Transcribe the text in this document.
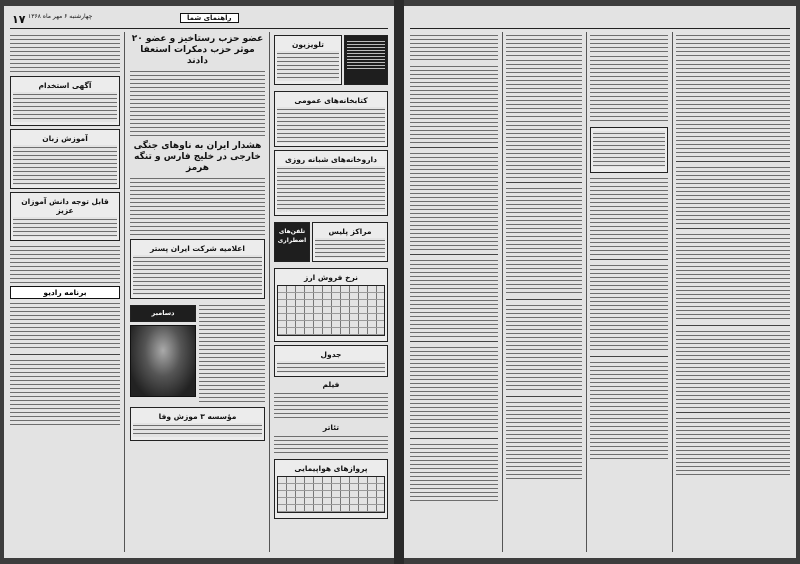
۱۷ چهارشنبه ۶ مهر ماه ۱۳۶۸	راهنمای شما
آگهی استخدام
آموزش زبان
قابل توجه دانش آموزان عزیز
برنامه رادیو
۲۰ عضو حزب رستاخیز و عضو موثر حزب دمکرات استعفا دادند
هشدار ایران به ناوهای جنگی خارجی در خلیج فارس و تنگه هرمز
اعلامیه شرکت ایران پستر
دسامبر
مؤسسه ۳ موزش وفا
تلویزیون
کتابخانه‌های عمومی
داروخانه‌های شبانه روزی
تلفن‌های اضطراری
مراکز پلیس
نرخ فروش ارز
جدول
فیلم
تئاتر
پروازهای هواپیمایی
